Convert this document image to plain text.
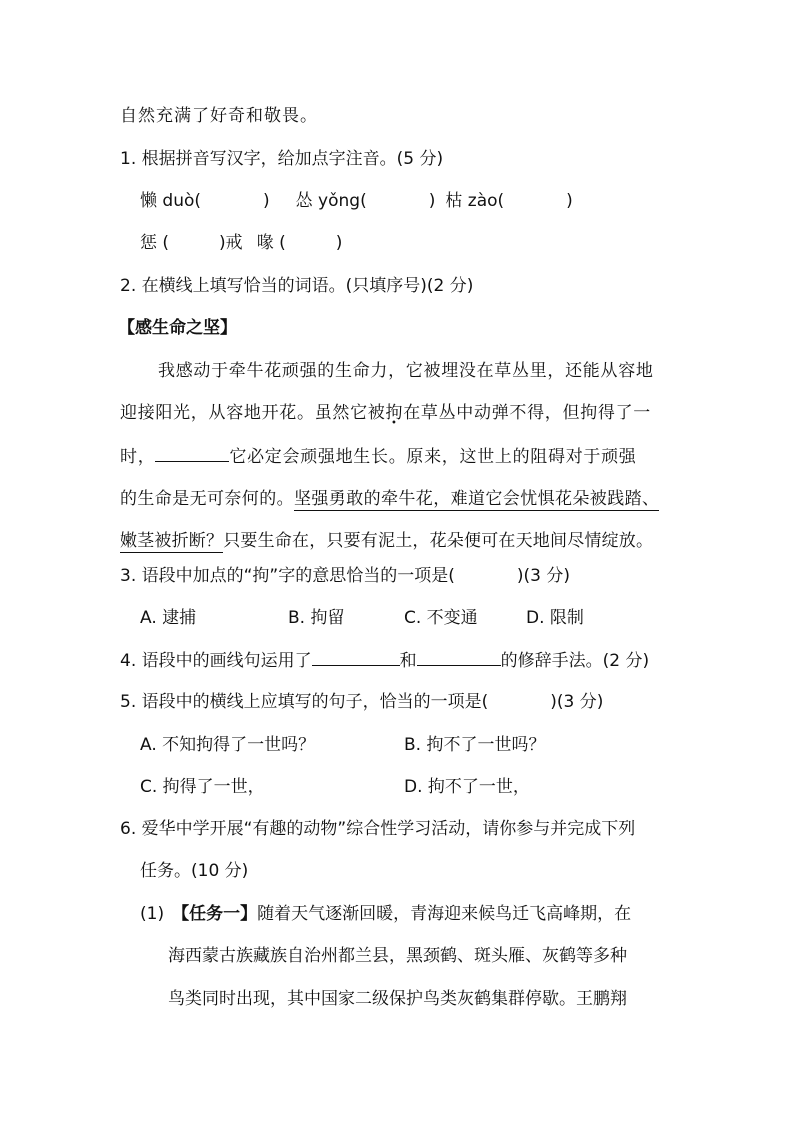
自然充满了好奇和敬畏。
1. 根据拼音写汉字，给加点字注音。(5 分)
懒 duò(	) 怂 yǒng(	) 枯 zào(	)
惩 (	)戒 喙 (	)
2. 在横线上填写恰当的词语。(只填序号)(2 分)
【感生命之坚】
我感动于牵牛花顽强的生命力，它被埋没在草丛里，还能从容地
迎接阳光，从容地开花。虽然它被拘在草丛中动弹不得，但拘得了一
时，	它必定会顽强地生长。原来，这世上的阻碍对于顽强
的生命是无可奈何的。坚强勇敢的牵牛花，难道它会忧惧花朵被践踏、
嫩茎被折断？只要生命在，只要有泥土，花朵便可在天地间尽情绽放。
3. 语段中加点的“拘”字的意思恰当的一项是(	)(3 分)
A. 逮捕	B. 拘留	C. 不变通	D. 限制
4. 语段中的画线句运用了	和	的修辞手法。(2 分)
5. 语段中的横线上应填写的句子，恰当的一项是(	)(3 分)
A. 不知拘得了一世吗？	B. 拘不了一世吗？
C. 拘得了一世，	D. 拘不了一世，
6. 爱华中学开展“有趣的动物”综合性学习活动，请你参与并完成下列
任务。(10 分)
(1) 【任务一】随着天气逐渐回暖，青海迎来候鸟迁飞高峰期，在
海西蒙古族藏族自治州都兰县，黑颈鹤、斑头雁、灰鹤等多种
鸟类同时出现，其中国家二级保护鸟类灰鹤集群停歇。王鹏翔
